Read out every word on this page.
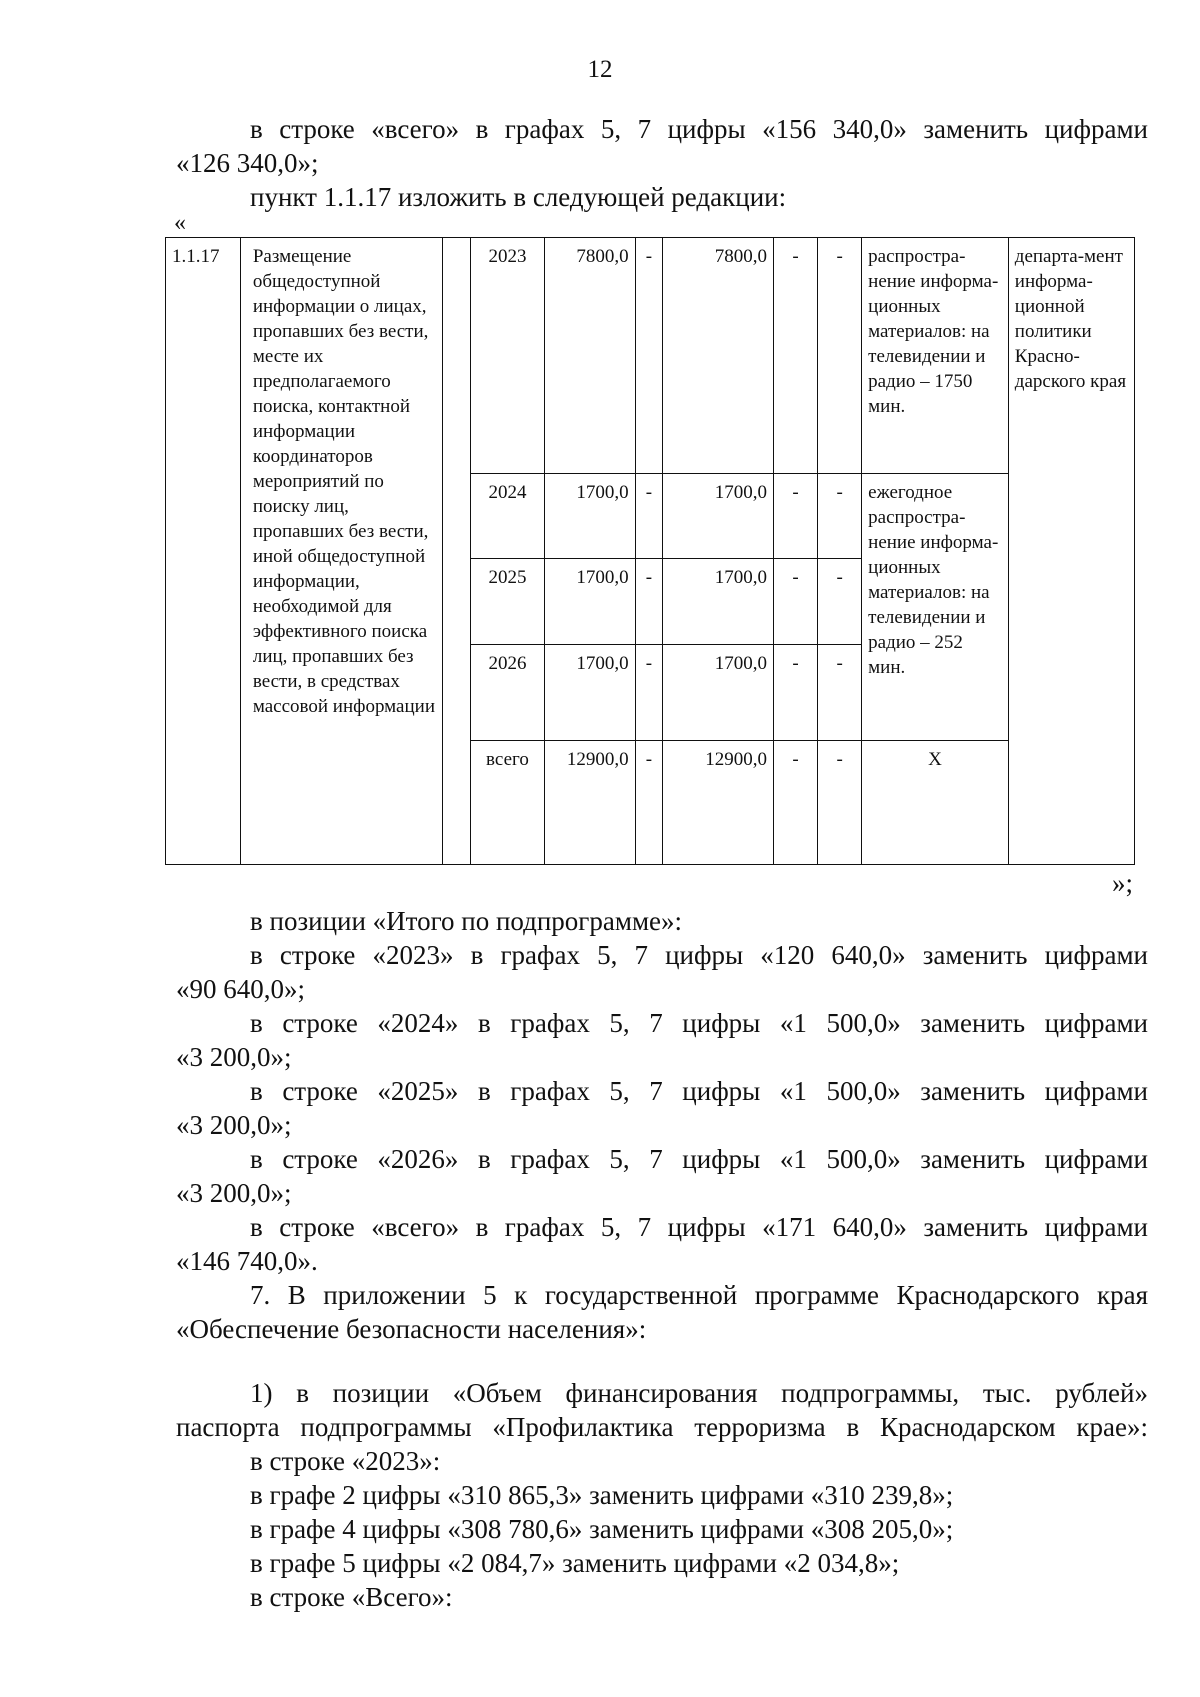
12

в строке «всего» в графах 5, 7 цифры «156 340,0» заменить цифрами

«126 340,0»;

пункт 1.1.17 изложить в следующей редакции:

«
1.1.17	Размещение общедоступной информации о лицах, пропавших без вести, месте их предполагаемого поиска, контактной информации координаторов мероприятий по поиску лиц, пропавших без вести, иной общедоступной информации, необходимой для эффективного поиска лиц, пропавших без вести, в средствах массовой информации		2023	7800,0	-	7800,0	-	-	распростра-нение информа-ционных материалов: на телевидении и радио – 1750 мин.	департа-мент информа-ционной политики Красно-дарского края
			2024	1700,0	-	1700,0	-	-	ежегодное распростра-нение информа-ционных материалов: на телевидении и радио – 252 мин.	
			2025	1700,0	-	1700,0	-	-		
			2026	1700,0	-	1700,0	-	-		
			всего	12900,0	-	12900,0	-	-	Х	
»;

в позиции «Итого по подпрограмме»:

в строке «2023» в графах 5, 7 цифры «120 640,0» заменить цифрами

«90 640,0»;

в строке «2024» в графах 5, 7 цифры «1 500,0» заменить цифрами

«3 200,0»;

в строке «2025» в графах 5, 7 цифры «1 500,0» заменить цифрами

«3 200,0»;

в строке «2026» в графах 5, 7 цифры «1 500,0» заменить цифрами

«3 200,0»;

в строке «всего» в графах 5, 7 цифры «171 640,0» заменить цифрами

«146 740,0».

7. В приложении 5 к государственной программе Краснодарского края

«Обеспечение безопасности населения»:

1) в позиции «Объем финансирования подпрограммы, тыс. рублей»

паспорта подпрограммы «Профилактика терроризма в Краснодарском крае»:

в строке «2023»:

в графе 2 цифры «310 865,3» заменить цифрами «310 239,8»;

в графе 4 цифры «308 780,6» заменить цифрами «308 205,0»;

в графе 5 цифры «2 084,7» заменить цифрами «2 034,8»;

в строке «Всего»:
